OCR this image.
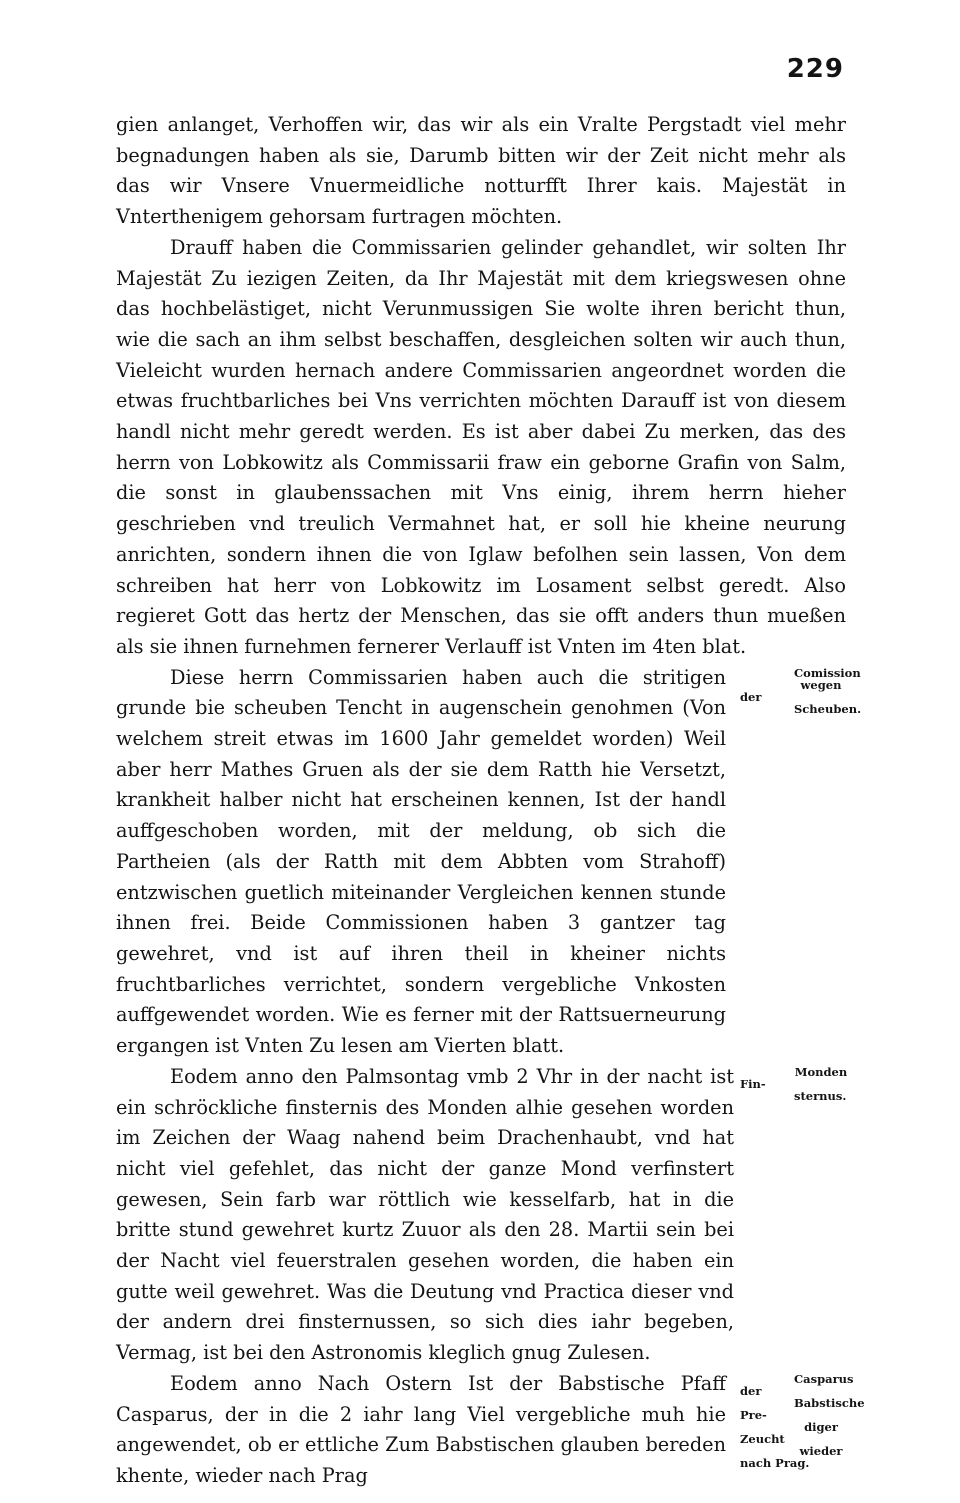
229

gien anlanget, Verhoffen wir, das wir als ein Vralte Pergstadt viel mehr begnadungen haben als sie, Darumb bitten wir der Zeit nicht mehr als das wir Vnsere Vnuermeidliche notturfft Ihrer kais. Majestät in Vnterthenigem gehorsam furtragen möchten.

Drauff haben die Commissarien gelinder gehandlet, wir solten Ihr Majestät Zu iezigen Zeiten, da Ihr Majestät mit dem kriegswesen ohne das hochbelästiget, nicht Verunmussigen Sie wolte ihren bericht thun, wie die sach an ihm selbst beschaffen, desgleichen solten wir auch thun, Vieleicht wurden hernach andere Commissarien angeordnet worden die etwas fruchtbarliches bei Vns verrichten möchten Darauff ist von diesem handl nicht mehr geredt werden. Es ist aber dabei Zu merken, das des herrn von Lobkowitz als Commissarii fraw ein geborne Grafin von Salm, die sonst in glaubenssachen mit Vns einig, ihrem herrn hieher geschrieben vnd treulich Vermahnet hat, er soll hie kheine neurung anrichten, sondern ihnen die von Iglaw befolhen sein lassen, Von dem schreiben hat herr von Lobkowitz im Losament selbst geredt. Also regieret Gott das hertz der Menschen, das sie offt anders thun mueßen als sie ihnen furnehmen fernerer Verlauff ist Vnten im 4ten blat.

Comission
wegen der
Scheuben.
Diese herrn Commissarien haben auch die stritigen grunde bie scheuben Tencht in augenschein genohmen (Von welchem streit etwas im 1600 Jahr gemeldet worden) Weil aber herr Mathes Gruen als der sie dem Ratth hie Versetzt, krankheit halber nicht hat erscheinen kennen, Ist der handl auffgeschoben worden, mit der meldung, ob sich die Partheien (als der Ratth mit dem Abbten vom Strahoff) entzwischen guetlich miteinander Vergleichen kennen stunde ihnen frei. Beide Commissionen haben 3 gantzer tag gewehret, vnd ist auf ihren theil in kheiner nichts fruchtbarliches verrichtet, sondern vergebliche Vnkosten auffgewendet worden. Wie es ferner mit der Rattsuerneurung ergangen ist Vnten Zu lesen am Vierten blatt.
Monden Fin-
sternus.
Eodem anno den Palmsontag vmb 2 Vhr in der nacht ist ein schröckliche finsternis des Monden alhie gesehen worden im Zeichen der Waag nahend beim Drachenhaubt, vnd hat nicht viel gefehlet, das nicht der ganze Mond verfinstert gewesen, Sein farb war röttlich wie kesselfarb, hat in die britte stund gewehret kurtz Zuuor als den 28. Martii sein bei der Nacht viel feuerstralen gesehen worden, die haben ein gutte weil gewehret. Was die Deutung vnd Practica dieser vnd der andern drei finsternussen, so sich dies iahr begeben, Vermag, ist bei den Astronomis kleglich gnug Zulesen.
Casparus der
Babstische Pre-
diger Zeucht
wieder nach Prag.
Eodem anno Nach Ostern Ist der Babstische Pfaff Casparus, der in die 2 iahr lang Viel vergebliche muh hie angewendet, ob er ettliche Zum Babstischen glauben bereden khente, wieder nach Prag
